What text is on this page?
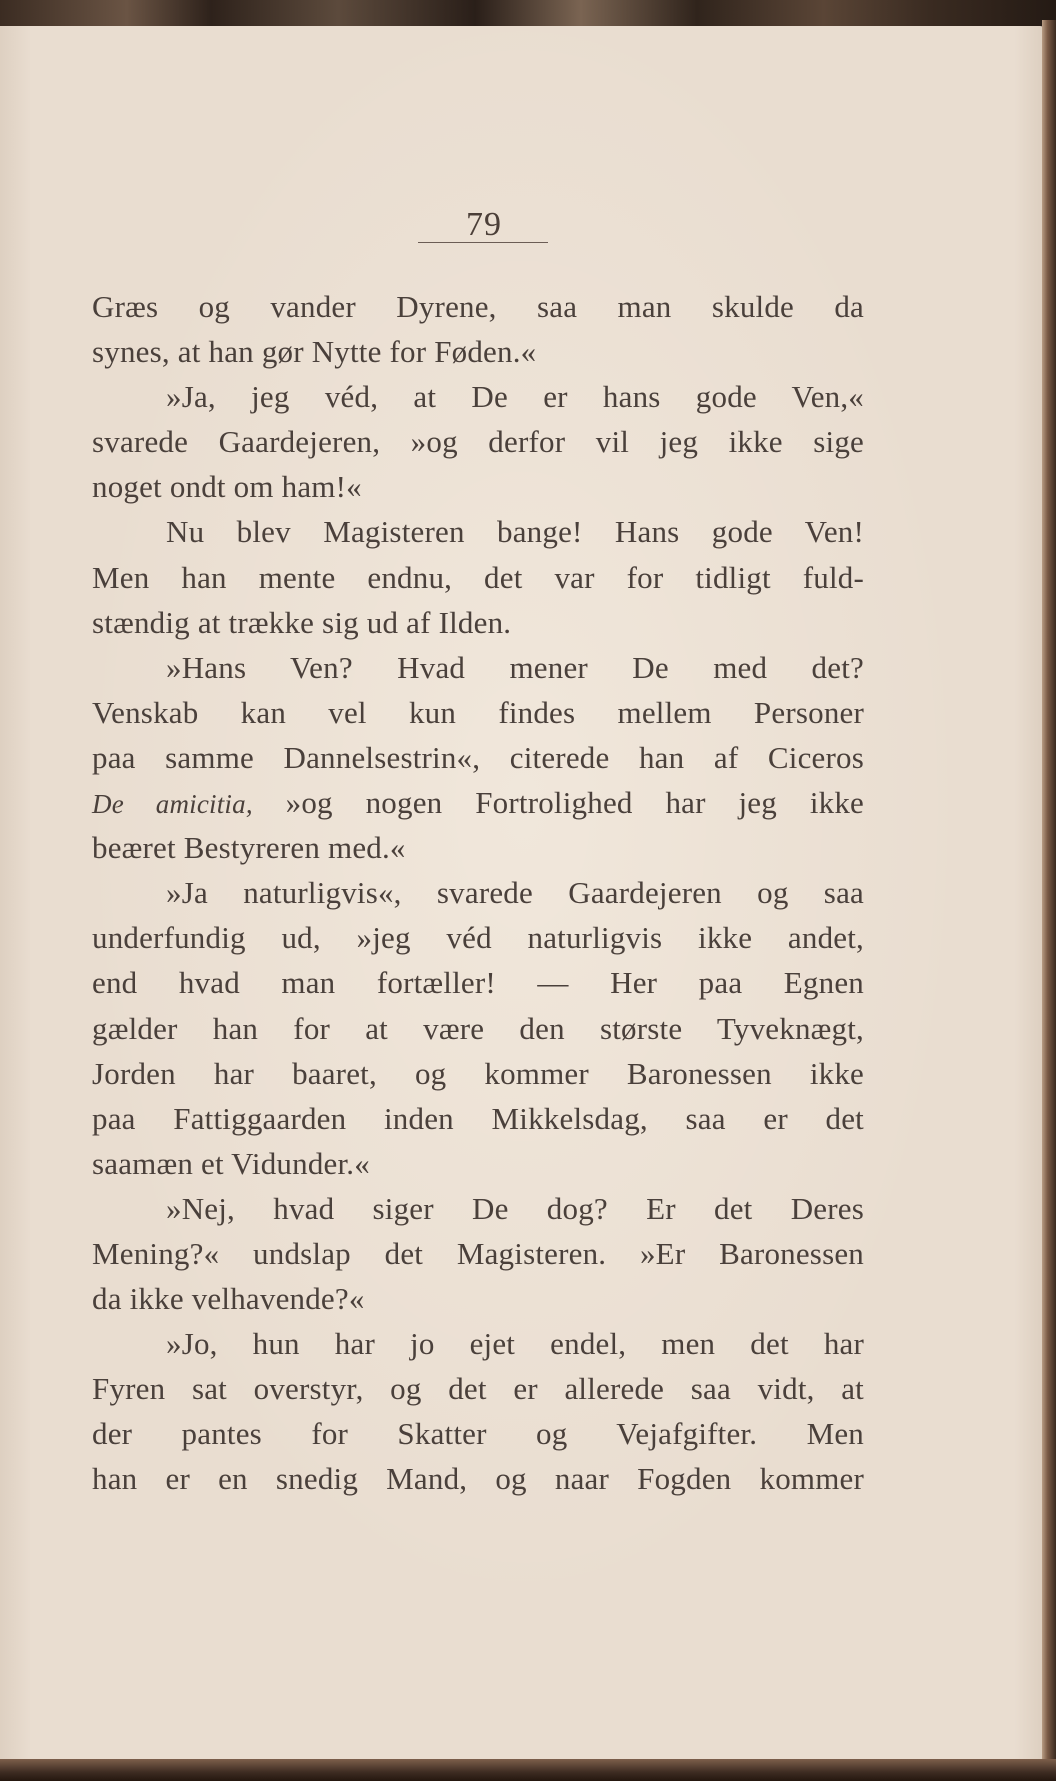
79
Græs og vander Dyrene, saa man skulde da
synes, at han gør Nytte for Føden.«
»Ja, jeg véd, at De er hans gode Ven,«
svarede Gaardejeren, »og derfor vil jeg ikke sige
noget ondt om ham!«
Nu blev Magisteren bange! Hans gode Ven!
Men han mente endnu, det var for tidligt fuld-
stændig at trække sig ud af Ilden.
»Hans Ven? Hvad mener De med det?
Venskab kan vel kun findes mellem Personer
paa samme Dannelsestrin«, citerede han af Ciceros
De amicitia, »og nogen Fortrolighed har jeg ikke
beæret Bestyreren med.«
»Ja naturligvis«, svarede Gaardejeren og saa
underfundig ud, »jeg véd naturligvis ikke andet,
end hvad man fortæller! — Her paa Egnen
gælder han for at være den største Tyveknægt,
Jorden har baaret, og kommer Baronessen ikke
paa Fattiggaarden inden Mikkelsdag, saa er det
saamæn et Vidunder.«
»Nej, hvad siger De dog? Er det Deres
Mening?« undslap det Magisteren. »Er Baronessen
da ikke velhavende?«
»Jo, hun har jo ejet endel, men det har
Fyren sat overstyr, og det er allerede saa vidt, at
der pantes for Skatter og Vejafgifter. Men
han er en snedig Mand, og naar Fogden kommer
